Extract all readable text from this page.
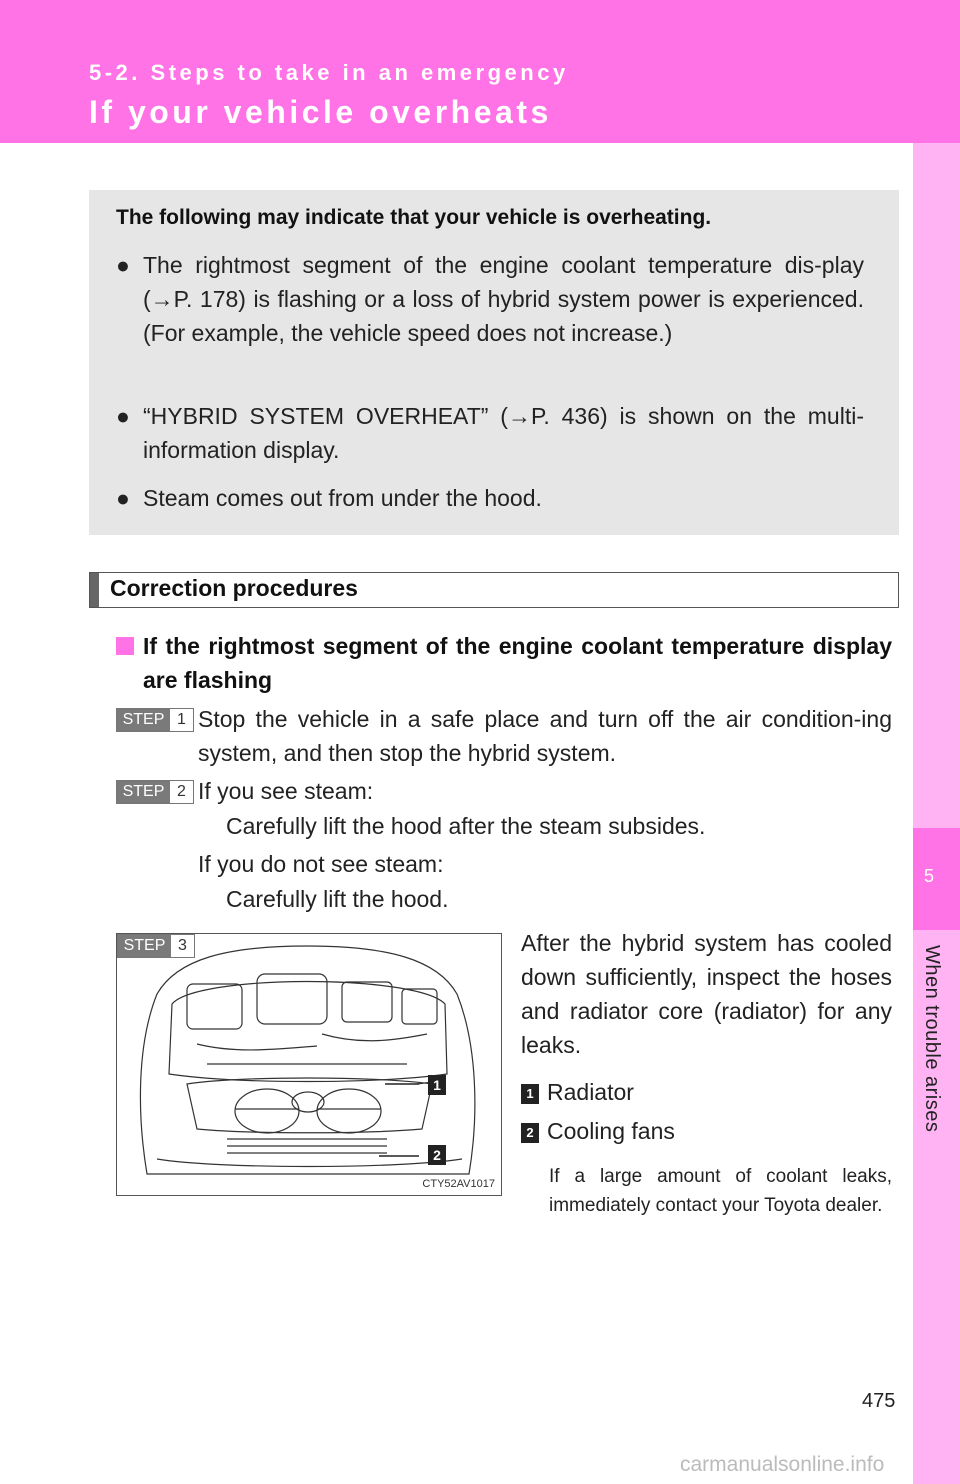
5-2. Steps to take in an emergency
If your vehicle overheats
5
When trouble arises
The following may indicate that your vehicle is overheating.
● The rightmost segment of the engine coolant temperature dis-play (→P. 178) is flashing or a loss of hybrid system power is experienced. (For example, the vehicle speed does not increase.)
● “HYBRID SYSTEM OVERHEAT” (→P. 436) is shown on the multi-information display.
● Steam comes out from under the hood.
Correction procedures
If the rightmost segment of the engine coolant temperature display are flashing
STEP 1 Stop the vehicle in a safe place and turn off the air condition-ing system, and then stop the hybrid system.
STEP 2 If you see steam:
Carefully lift the hood after the steam subsides.
If you do not see steam:
Carefully lift the hood.
STEP 3
1
2
CTY52AV1017
After the hybrid system has cooled down sufficiently, inspect the hoses and radiator core (radiator) for any leaks.
1 Radiator
2 Cooling fans
If a large amount of coolant leaks, immediately contact your Toyota dealer.
475
carmanualsonline.info
